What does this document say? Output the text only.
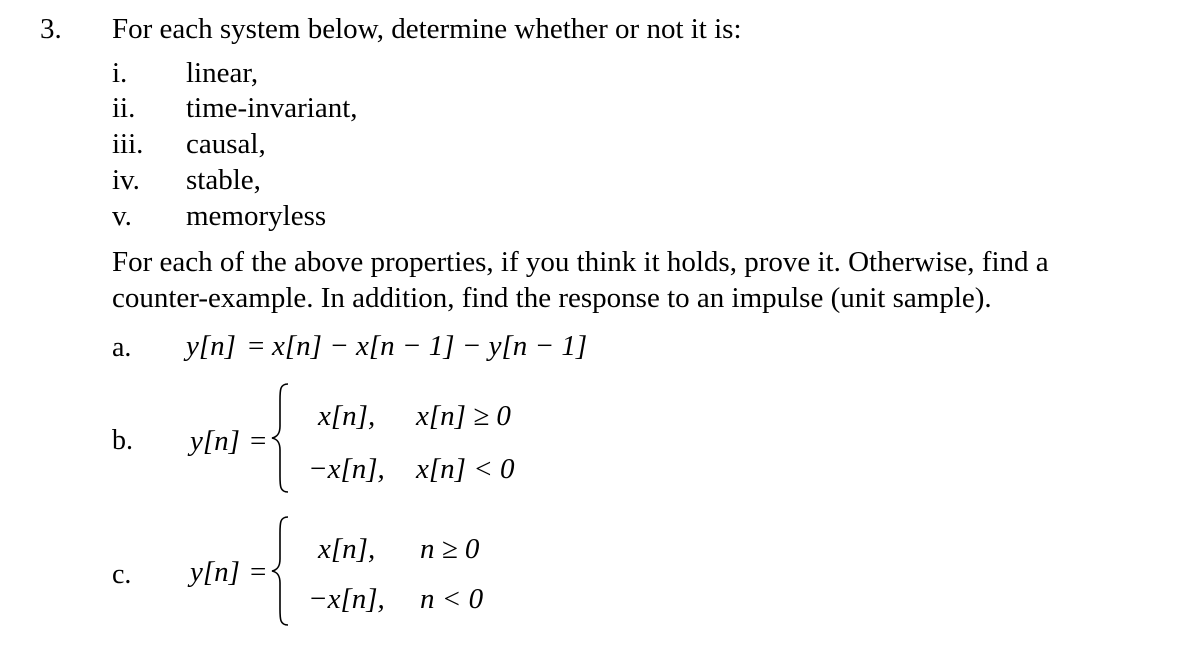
3. For each system below, determine whether or not it is:
i. linear,
ii. time-invariant,
iii. causal,
iv. stable,
v. memoryless
For each of the above properties, if you think it holds, prove it. Otherwise, find a
counter-example. In addition, find the response to an impulse (unit sample).
a. y[n] = x[n] − x[n − 1] − y[n − 1]
b. y[n] =
x[n], x[n] ≥ 0
−x[n], x[n] < 0
c. y[n] =
x[n], n ≥ 0
−x[n], n < 0
